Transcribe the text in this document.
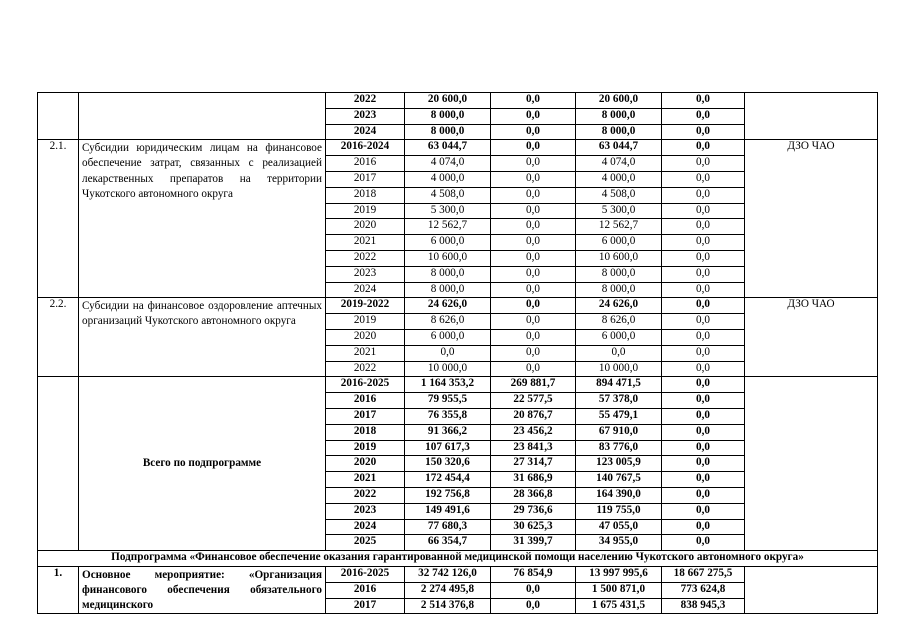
		2022	20 600,0	0,0	20 600,0	0,0	
		2023	8 000,0	0,0	8 000,0	0,0	
		2024	8 000,0	0,0	8 000,0	0,0	
2.1.	Субсидии юридическим лицам на финансовое обеспечение затрат, связанных с реализацией лекарственных препаратов на территории Чукотского автономного округа	2016-2024	63 044,7	0,0	63 044,7	0,0	ДЗО ЧАО
		2016	4 074,0	0,0	4 074,0	0,0	
		2017	4 000,0	0,0	4 000,0	0,0	
		2018	4 508,0	0,0	4 508,0	0,0	
		2019	5 300,0	0,0	5 300,0	0,0	
		2020	12 562,7	0,0	12 562,7	0,0	
		2021	6 000,0	0,0	6 000,0	0,0	
		2022	10 600,0	0,0	10 600,0	0,0	
		2023	8 000,0	0,0	8 000,0	0,0	
		2024	8 000,0	0,0	8 000,0	0,0	
2.2.	Субсидии на финансовое оздоровление аптечных организаций Чукотского автономного округа	2019-2022	24 626,0	0,0	24 626,0	0,0	ДЗО ЧАО
		2019	8 626,0	0,0	8 626,0	0,0	
		2020	6 000,0	0,0	6 000,0	0,0	
		2021	0,0	0,0	0,0	0,0	
		2022	10 000,0	0,0	10 000,0	0,0	
	Всего по подпрограмме	2016-2025	1 164 353,2	269 881,7	894 471,5	0,0	
		2016	79 955,5	22 577,5	57 378,0	0,0	
		2017	76 355,8	20 876,7	55 479,1	0,0	
		2018	91 366,2	23 456,2	67 910,0	0,0	
		2019	107 617,3	23 841,3	83 776,0	0,0	
		2020	150 320,6	27 314,7	123 005,9	0,0	
		2021	172 454,4	31 686,9	140 767,5	0,0	
		2022	192 756,8	28 366,8	164 390,0	0,0	
		2023	149 491,6	29 736,6	119 755,0	0,0	
		2024	77 680,3	30 625,3	47 055,0	0,0	
		2025	66 354,7	31 399,7	34 955,0	0,0	
Подпрограмма «Финансовое обеспечение оказания гарантированной медицинской помощи населению Чукотского автономного округа»							
1.	Основное мероприятие: «Организация финансового обеспечения обязательного медицинского	2016-2025	32 742 126,0	76 854,9	13 997 995,6	18 667 275,5	
		2016	2 274 495,8	0,0	1 500 871,0	773 624,8	
		2017	2 514 376,8	0,0	1 675 431,5	838 945,3	
